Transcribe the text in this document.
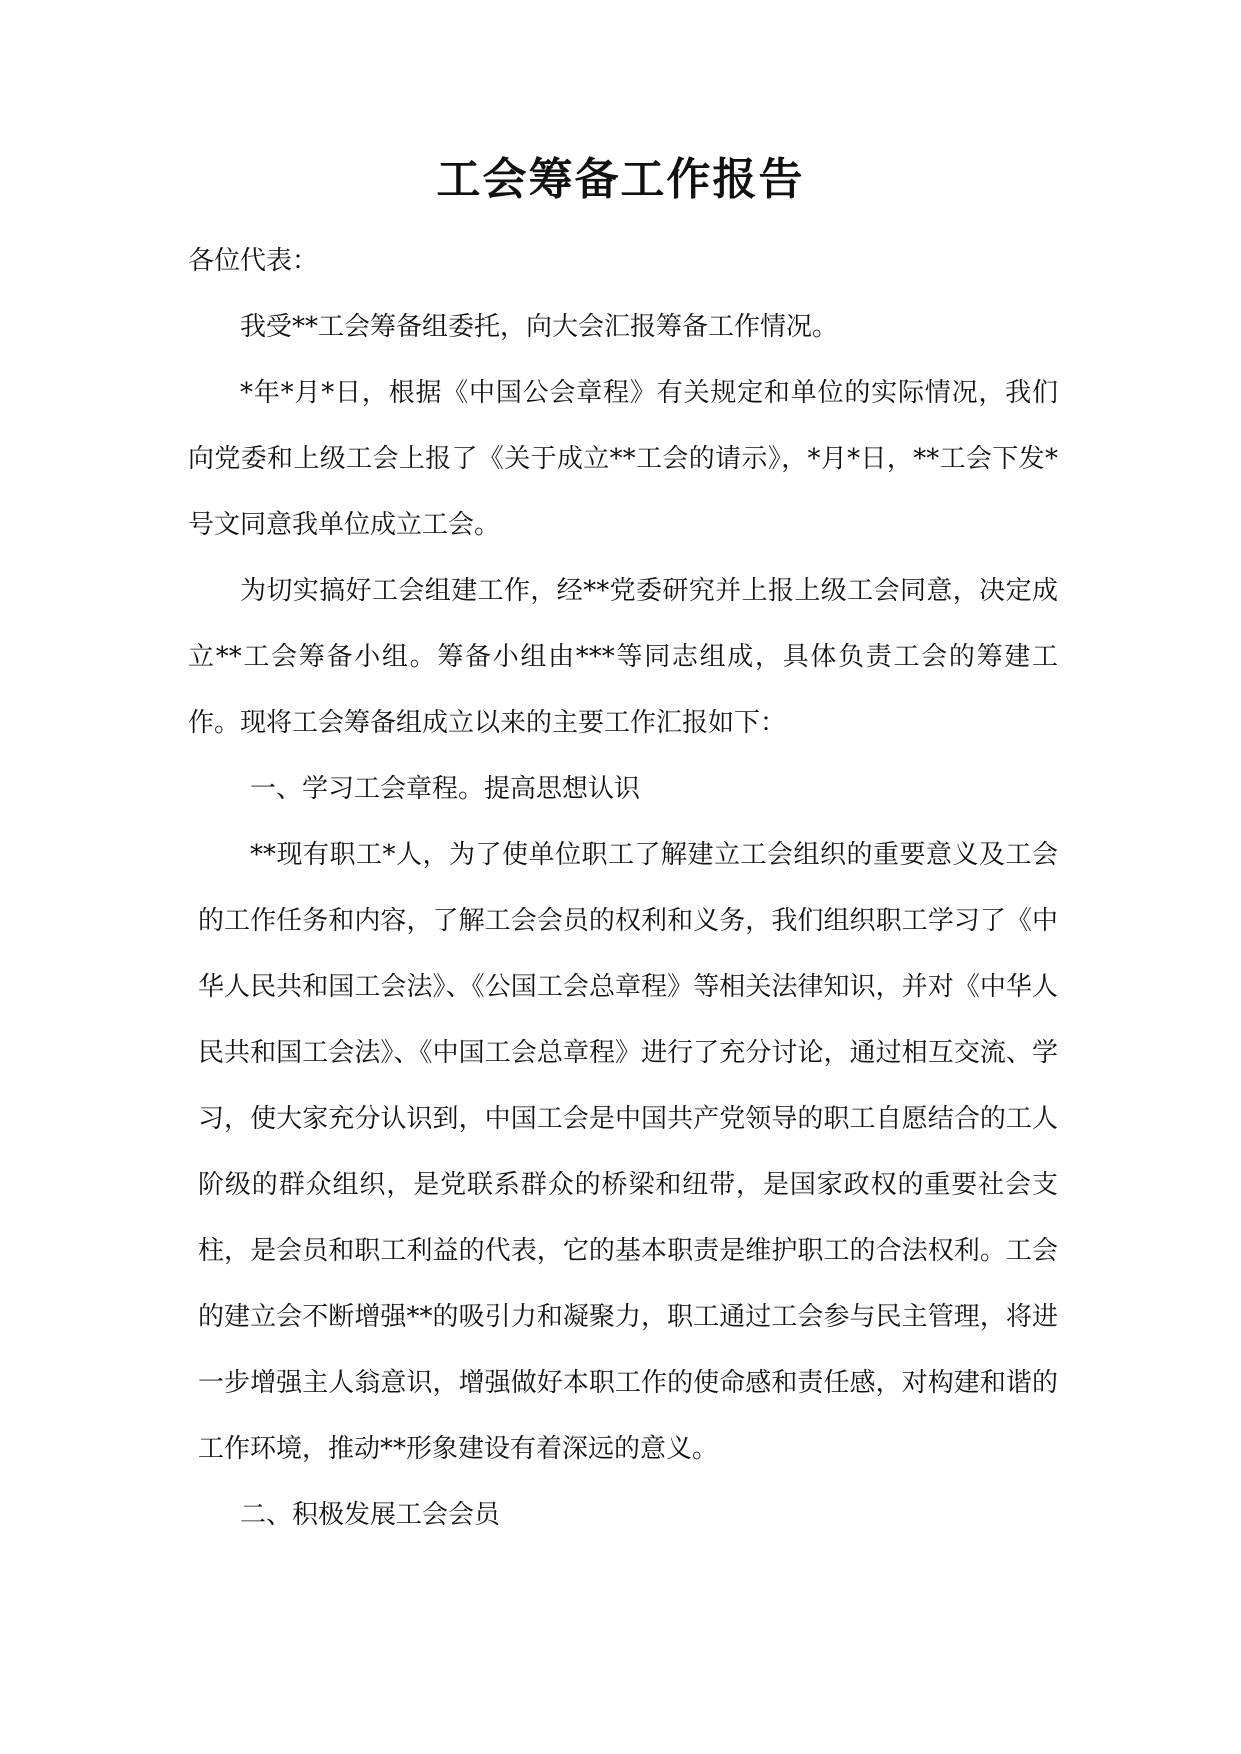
工会筹备工作报告

各位代表：

我受**工会筹备组委托，向大会汇报筹备工作情况。

*年*月*日，根据《中国公会章程》有关规定和单位的实际情况，我们向党委和上级工会上报了《关于成立**工会的请示》，*月*日，**工会下发*号文同意我单位成立工会。

为切实搞好工会组建工作，经**党委研究并上报上级工会同意，决定成立**工会筹备小组。筹备小组由***等同志组成，具体负责工会的筹建工作。现将工会筹备组成立以来的主要工作汇报如下：

一、学习工会章程。提高思想认识

**现有职工*人，为了使单位职工了解建立工会组织的重要意义及工会的工作任务和内容，了解工会会员的权利和义务，我们组织职工学习了《中华人民共和国工会法》、《公国工会总章程》等相关法律知识，并对《中华人民共和国工会法》、《中国工会总章程》进行了充分讨论，通过相互交流、学习，使大家充分认识到，中国工会是中国共产党领导的职工自愿结合的工人阶级的群众组织，是党联系群众的桥梁和纽带，是国家政权的重要社会支柱，是会员和职工利益的代表，它的基本职责是维护职工的合法权利。工会的建立会不断增强**的吸引力和凝聚力，职工通过工会参与民主管理，将进一步增强主人翁意识，增强做好本职工作的使命感和责任感，对构建和谐的工作环境，推动**形象建设有着深远的意义。

二、积极发展工会会员
